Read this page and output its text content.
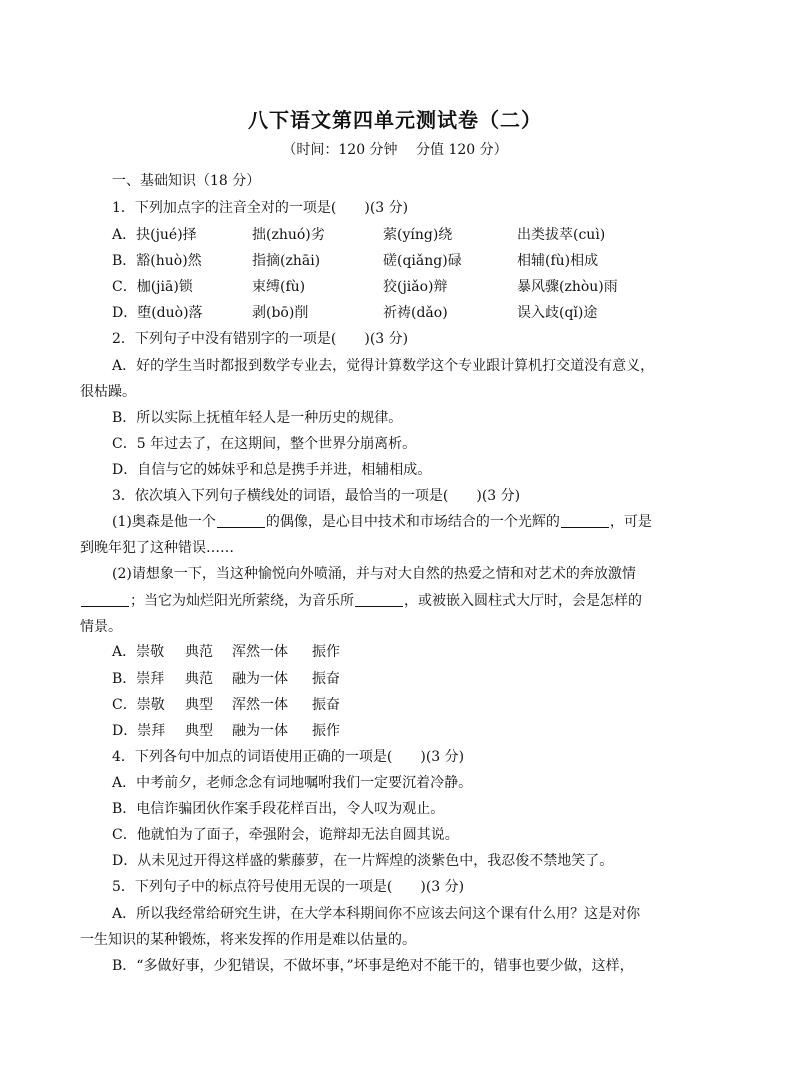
八下语文第四单元测试卷（二）
（时间：120 分钟　 分值 120 分）
一、基础知识（18 分）
1．下列加点字的注音全对的一项是(　　)(3 分)
A．抉(jué)择	拙(zhuó)劣	萦(yíng)绕	出类拔萃(cuì)
B．豁(huò)然	指摘(zhāi)	磋(qiǎng)碌	相辅(fù)相成
C．枷(jiā)锁	束缚(fù)	狡(jiǎo)辩	暴风骤(zhòu)雨
D．堕(duò)落	剥(bō)削	祈祷(dǎo)	误入歧(qǐ)途
2．下列句子中没有错别字的一项是(　　)(3 分)
A．好的学生当时都报到数学专业去，觉得计算数学这个专业跟计算机打交道没有意义，
很枯躁。
B．所以实际上抚植年轻人是一种历史的规律。
C．5 年过去了，在这期间，整个世界分崩离析。
D．自信与它的姊妹乎和总是携手并进，相辅相成。
3．依次填入下列句子横线处的词语，最恰当的一项是(　　)(3 分)
(1)奥森是他一个	的偶像，是心目中技术和市场结合的一个光辉的	，可是
到晚年犯了这种错误……
(2)请想象一下，当这种愉悦向外喷涌，并与对大自然的热爱之情和对艺术的奔放激情
；当它为灿烂阳光所萦绕，为音乐所	，或被嵌入圆柱式大厅时，会是怎样的
情景。
A．崇敬 典范 浑然一体 振作
B．崇拜 典范 融为一体 振奋
C．崇敬 典型 浑然一体 振奋
D．崇拜 典型 融为一体 振作
4．下列各句中加点的词语使用正确的一项是(　　)(3 分)
A．中考前夕，老师念念有词地嘱咐我们一定要沉着冷静。
B．电信诈骗团伙作案手段花样百出，令人叹为观止。
C．他就怕为了面子，牵强附会，诡辩却无法自圆其说。
D．从未见过开得这样盛的紫藤萝，在一片辉煌的淡紫色中，我忍俊不禁地笑了。
5．下列句子中的标点符号使用无误的一项是(　　)(3 分)
A．所以我经常给研究生讲，在大学本科期间你不应该去问这个课有什么用？这是对你
一生知识的某种锻炼，将来发挥的作用是难以估量的。
B．“多做好事，少犯错误，不做坏事，”坏事是绝对不能干的，错事也要少做，这样，
